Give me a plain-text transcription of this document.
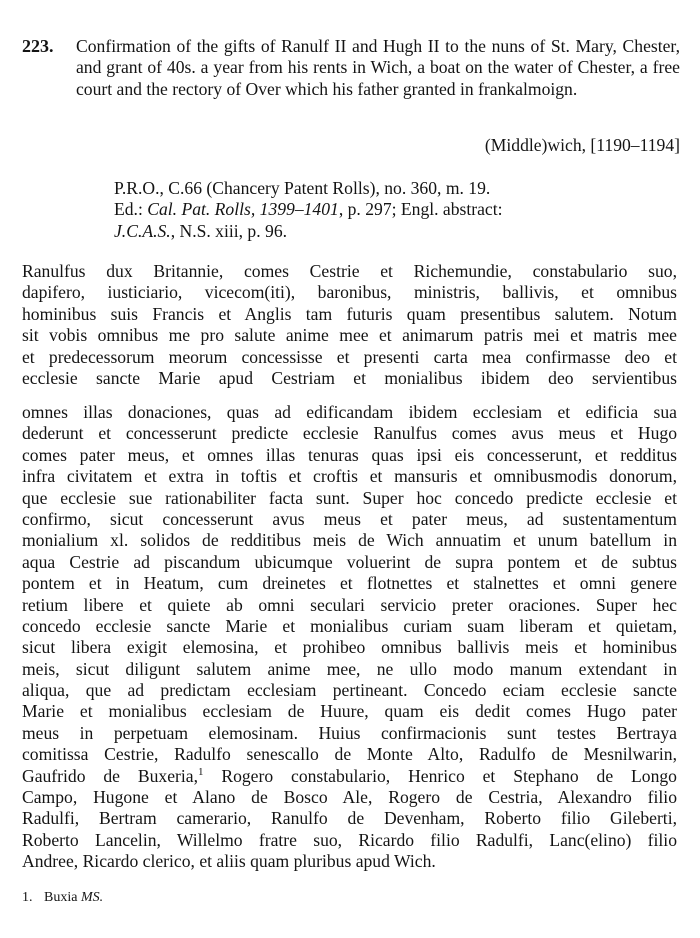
223. Confirmation of the gifts of Ranulf II and Hugh II to the nuns of St. Mary, Chester, and grant of 40s. a year from his rents in Wich, a boat on the water of Chester, a free court and the rectory of Over which his father granted in frankalmoign.
(Middle)wich, [1190–1194]
P.R.O., C.66 (Chancery Patent Rolls), no. 360, m. 19.
Ed.: Cal. Pat. Rolls, 1399–1401, p. 297; Engl. abstract:
J.C.A.S., N.S. xiii, p. 96.
Ranulfus dux Britannie, comes Cestrie et Richemundie, constabulario suo,
dapifero, iusticiario, vicecom(iti), baronibus, ministris, ballivis, et omnibus
hominibus suis Francis et Anglis tam futuris quam presentibus salutem. Notum
sit vobis omnibus me pro salute anime mee et animarum patris mei et matris mee
et predecessorum meorum concessisse et presenti carta mea confirmasse deo et
ecclesie sancte Marie apud Cestriam et monialibus ibidem deo servientibus
omnes illas donaciones, quas ad edificandam ibidem ecclesiam et edificia sua
dederunt et concesserunt predicte ecclesie Ranulfus comes avus meus et Hugo
comes pater meus, et omnes illas tenuras quas ipsi eis concesserunt, et redditus
infra civitatem et extra in toftis et croftis et mansuris et omnibusmodis donorum,
que ecclesie sue rationabiliter facta sunt. Super hoc concedo predicte ecclesie et
confirmo, sicut concesserunt avus meus et pater meus, ad sustentamentum
monialium xl. solidos de redditibus meis de Wich annuatim et unum batellum in
aqua Cestrie ad piscandum ubicumque voluerint de supra pontem et de subtus
pontem et in Heatum, cum dreinetes et flotnettes et stalnettes et omni genere
retium libere et quiete ab omni seculari servicio preter oraciones. Super hec
concedo ecclesie sancte Marie et monialibus curiam suam liberam et quietam,
sicut libera exigit elemosina, et prohibeo omnibus ballivis meis et hominibus
meis, sicut diligunt salutem anime mee, ne ullo modo manum extendant in
aliqua, que ad predictam ecclesiam pertineant. Concedo eciam ecclesie sancte
Marie et monialibus ecclesiam de Huure, quam eis dedit comes Hugo pater
meus in perpetuam elemosinam. Huius confirmacionis sunt testes Bertraya
comitissa Cestrie, Radulfo senescallo de Monte Alto, Radulfo de Mesnilwarin,
Gaufrido de Buxeria,$^1$ Rogero constabulario, Henrico et Stephano de Longo
Campo, Hugone et Alano de Bosco Ale, Rogero de Cestria, Alexandro filio
Radulfi, Bertram camerario, Ranulfo de Devenham, Roberto filio Gileberti,
Roberto Lancelin, Willelmo fratre suo, Ricardo filio Radulfi, Lanc(elino) filio
Andree, Ricardo clerico, et aliis quam pluribus apud Wich.
1. Buxia MS.
